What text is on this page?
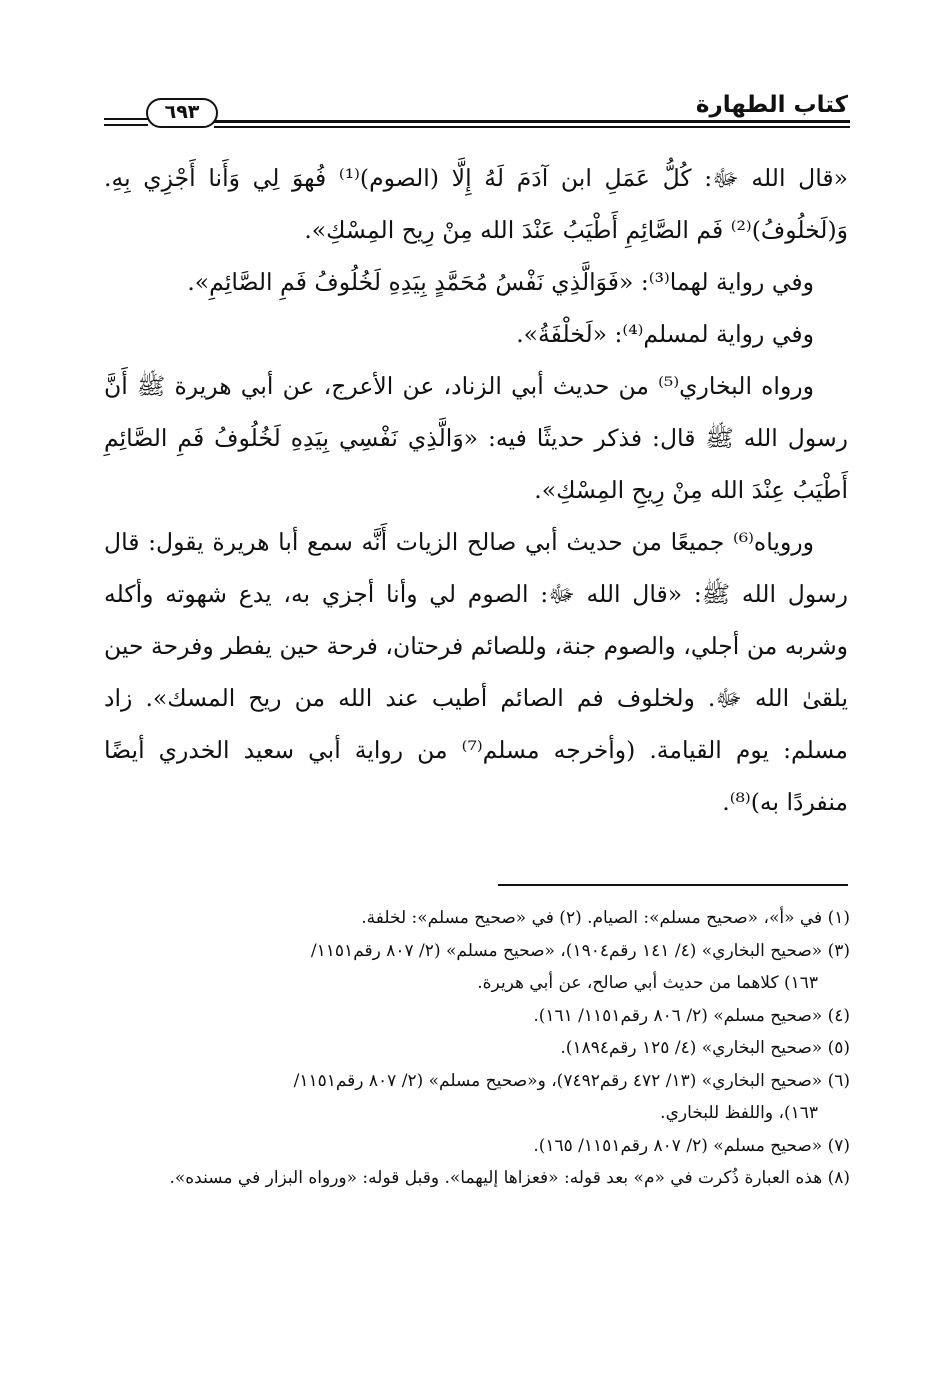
٦٩٣	كتاب الطهارة

«قال الله ﷻ: كُلُّ عَمَلِ ابن آدَمَ لَهُ إِلَّا (الصوم)⁽¹⁾ فُهوَ لِي وَأَنا أَجْزِي بِهِ. وَ(لَخلُوفُ)⁽²⁾ فَم الصَّائِمِ أَطْيَبُ عَنْدَ الله مِنْ رِيح المِسْكِ».

وفي رواية لهما⁽³⁾: «فَوَالَّذِي نَفْسُ مُحَمَّدٍ بِيَدِهِ لَخُلُوفُ فَمِ الصَّائِمِ».

وفي رواية لمسلم⁽⁴⁾: «لَخلْفَةُ».

ورواه البخاري⁽⁵⁾ من حديث أبي الزناد، عن الأعرج، عن أبي هريرة ﷺ أَنَّ رسول الله ﷺ قال: فذكر حديثًا فيه: «وَالَّذِي نَفْسِي بِيَدِهِ لَخُلُوفُ فَمِ الصَّائِمِ أَطْيَبُ عِنْدَ الله مِنْ رِيحِ المِسْكِ».

وروياه⁽⁶⁾ جميعًا من حديث أبي صالح الزيات أَنَّه سمع أبا هريرة يقول: قال رسول الله ﷺ: «قال الله ﷻ: الصوم لي وأنا أجزي به، يدع شهوته وأكله وشربه من أجلي، والصوم جنة، وللصائم فرحتان، فرحة حين يفطر وفرحة حين يلقىٰ الله ﷻ. ولخلوف فم الصائم أطيب عند الله من ريح المسك». زاد مسلم: يوم القيامة. (وأخرجه مسلم⁽⁷⁾ من رواية أبي سعيد الخدري أيضًا منفردًا به)⁽⁸⁾.

(١) في «أ»، «صحيح مسلم»: الصيام. (٢) في «صحيح مسلم»: لخلفة.

(٣) «صحيح البخاري» (٤/ ١٤١ رقم١٩٠٤)، «صحيح مسلم» (٢/ ٨٠٧ رقم١١٥١/

١٦٣) كلاهما من حديث أبي صالح، عن أبي هريرة.

(٤) «صحيح مسلم» (٢/ ٨٠٦ رقم١١٥١/ ١٦١).

(٥) «صحيح البخاري» (٤/ ١٢٥ رقم١٨٩٤).

(٦) «صحيح البخاري» (١٣/ ٤٧٢ رقم٧٤٩٢)، و«صحيح مسلم» (٢/ ٨٠٧ رقم١١٥١/

١٦٣)، واللفظ للبخاري.

(٧) «صحيح مسلم» (٢/ ٨٠٧ رقم١١٥١/ ١٦٥).

(٨) هذه العبارة ذُكرت في «م» بعد قوله: «فعزاها إليهما». وقبل قوله: «ورواه البزار في مسنده».
